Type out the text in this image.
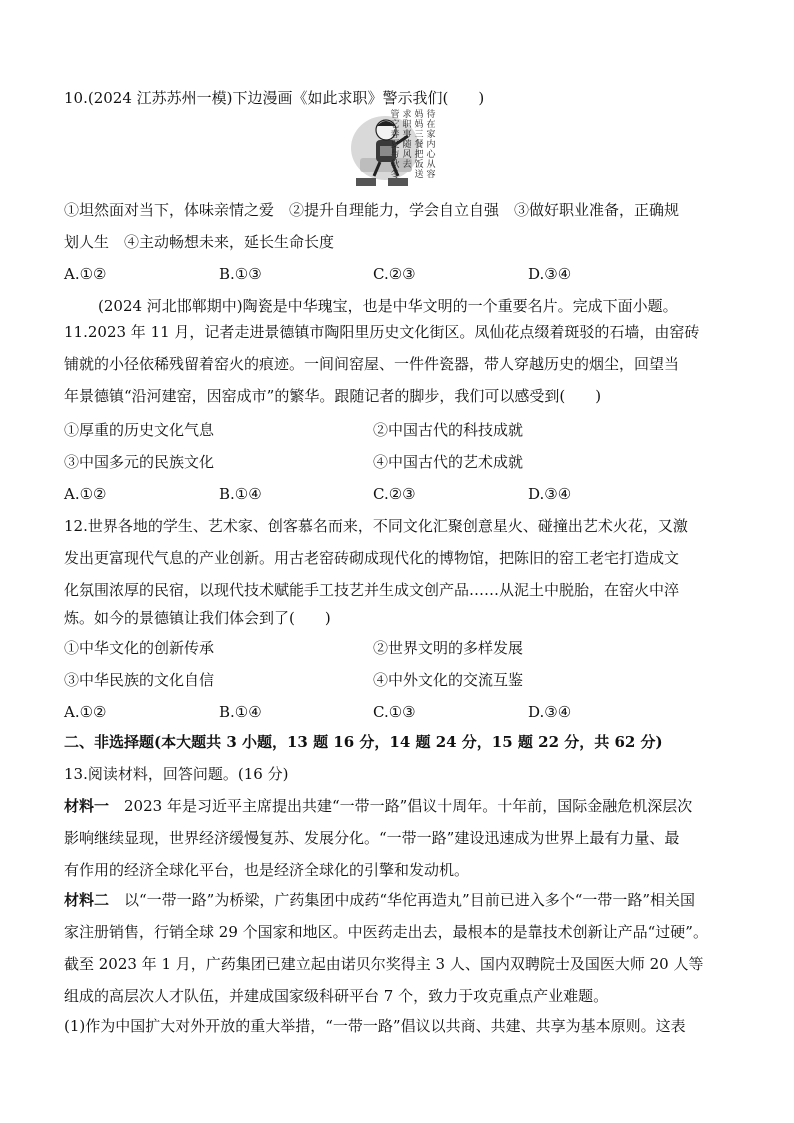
10.(2024 江苏苏州一模)下边漫画《如此求职》警示我们(　　)
待在家内心从容
妈妈三餐把饭送
求职事随风去
管它春夏与秋冬
①坦然面对当下，体味亲情之爱　②提升自理能力，学会自立自强　③做好职业准备，正确规
划人生　④主动畅想未来，延长生命长度
A.①②	B.①③	C.②③	D.③④
(2024 河北邯郸期中)陶瓷是中华瑰宝，也是中华文明的一个重要名片。完成下面小题。
11.2023 年 11 月，记者走进景德镇市陶阳里历史文化街区。凤仙花点缀着斑驳的石墙，由窑砖
铺就的小径依稀残留着窑火的痕迹。一间间窑屋、一件件瓷器，带人穿越历史的烟尘，回望当
年景德镇“沿河建窑，因窑成市”的繁华。跟随记者的脚步，我们可以感受到(　　)
①厚重的历史文化气息	②中国古代的科技成就
③中国多元的民族文化	④中国古代的艺术成就
A.①②	B.①④	C.②③	D.③④
12.世界各地的学生、艺术家、创客慕名而来，不同文化汇聚创意星火、碰撞出艺术火花，又激
发出更富现代气息的产业创新。用古老窑砖砌成现代化的博物馆，把陈旧的窑工老宅打造成文
化氛围浓厚的民宿，以现代技术赋能手工技艺并生成文创产品……从泥土中脱胎，在窑火中淬
炼。如今的景德镇让我们体会到了(　　)
①中华文化的创新传承	②世界文明的多样发展
③中华民族的文化自信	④中外文化的交流互鉴
A.①②	B.①④	C.①③	D.③④
二、非选择题(本大题共 3 小题，13 题 16 分，14 题 24 分，15 题 22 分，共 62 分)
13.阅读材料，回答问题。(16 分)
材料一　2023 年是习近平主席提出共建“一带一路”倡议十周年。十年前，国际金融危机深层次
影响继续显现，世界经济缓慢复苏、发展分化。“一带一路”建设迅速成为世界上最有力量、最
有作用的经济全球化平台，也是经济全球化的引擎和发动机。
材料二　以“一带一路”为桥梁，广药集团中成药“华佗再造丸”目前已进入多个“一带一路”相关国
家注册销售，行销全球 29 个国家和地区。中医药走出去，最根本的是靠技术创新让产品“过硬”。
截至 2023 年 1 月，广药集团已建立起由诺贝尔奖得主 3 人、国内双聘院士及国医大师 20 人等
组成的高层次人才队伍，并建成国家级科研平台 7 个，致力于攻克重点产业难题。
(1)作为中国扩大对外开放的重大举措，“一带一路”倡议以共商、共建、共享为基本原则。这表
